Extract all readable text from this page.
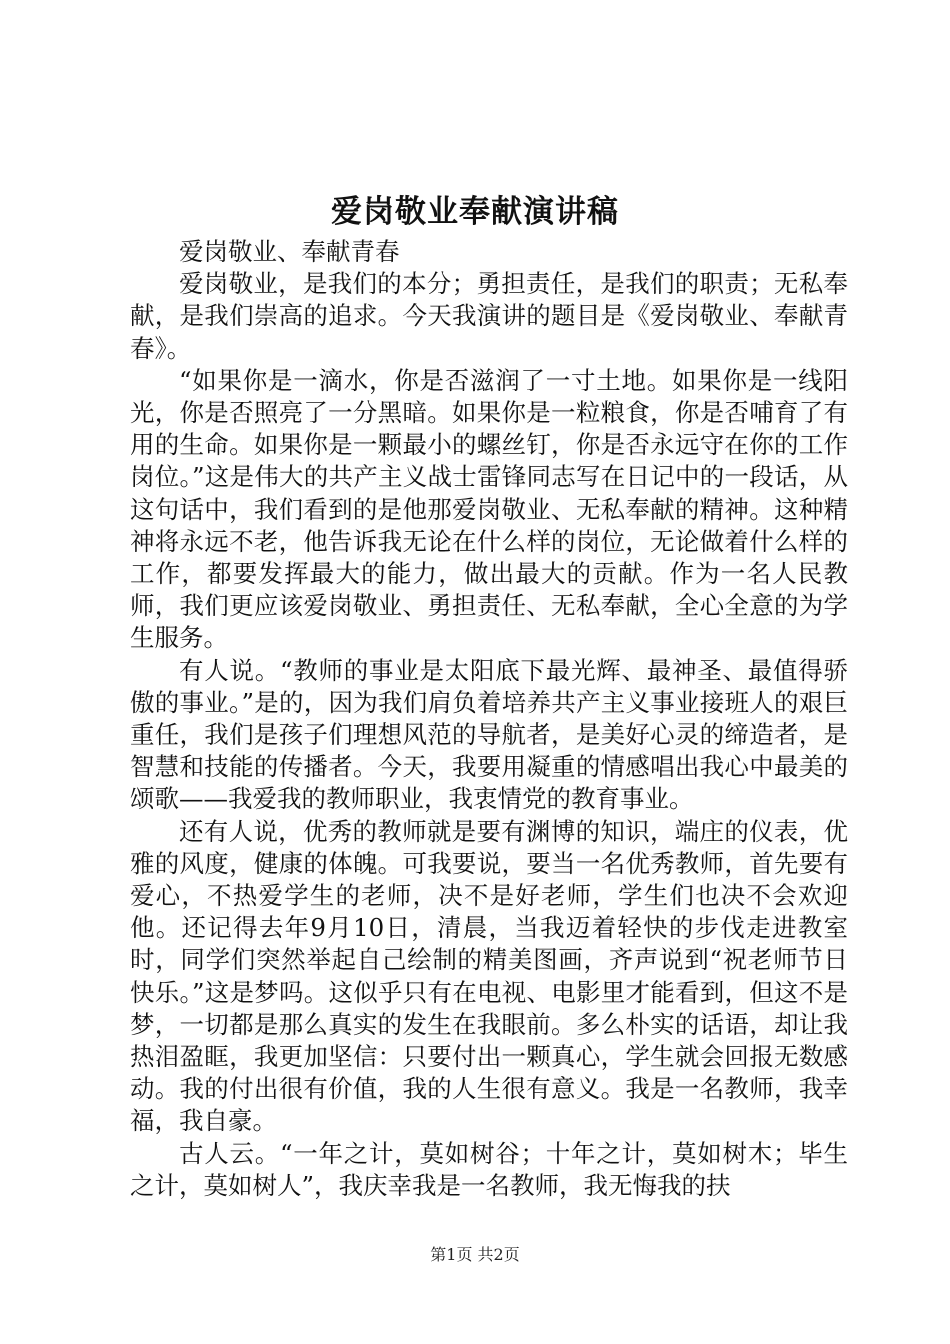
爱岗敬业奉献演讲稿

爱岗敬业、奉献青春

爱岗敬业，是我们的本分；勇担责任，是我们的职责；无私奉献，是我们崇高的追求。今天我演讲的题目是《爱岗敬业、奉献青春》。

“如果你是一滴水，你是否滋润了一寸土地。如果你是一线阳光，你是否照亮了一分黑暗。如果你是一粒粮食，你是否哺育了有用的生命。如果你是一颗最小的螺丝钉，你是否永远守在你的工作岗位。”这是伟大的共产主义战士雷锋同志写在日记中的一段话，从这句话中，我们看到的是他那爱岗敬业、无私奉献的精神。这种精神将永远不老，他告诉我无论在什么样的岗位，无论做着什么样的工作，都要发挥最大的能力，做出最大的贡献。作为一名人民教师，我们更应该爱岗敬业、勇担责任、无私奉献，全心全意的为学生服务。

有人说。“教师的事业是太阳底下最光辉、最神圣、最值得骄傲的事业。”是的，因为我们肩负着培养共产主义事业接班人的艰巨重任，我们是孩子们理想风范的导航者，是美好心灵的缔造者，是智慧和技能的传播者。今天，我要用凝重的情感唱出我心中最美的颂歌——我爱我的教师职业，我衷情党的教育事业。

还有人说，优秀的教师就是要有渊博的知识，端庄的仪表，优雅的风度，健康的体魄。可我要说，要当一名优秀教师，首先要有爱心，不热爱学生的老师，决不是好老师，学生们也决不会欢迎他。还记得去年9月10日，清晨，当我迈着轻快的步伐走进教室时，同学们突然举起自己绘制的精美图画，齐声说到“祝老师节日快乐。”这是梦吗。这似乎只有在电视、电影里才能看到，但这不是梦，一切都是那么真实的发生在我眼前。多么朴实的话语，却让我热泪盈眶，我更加坚信：只要付出一颗真心，学生就会回报无数感动。我的付出很有价值，我的人生很有意义。我是一名教师，我幸福，我自豪。

古人云。“一年之计，莫如树谷；十年之计，莫如树木；毕生之计，莫如树人”，我庆幸我是一名教师，我无悔我的扶

第1页 共2页
